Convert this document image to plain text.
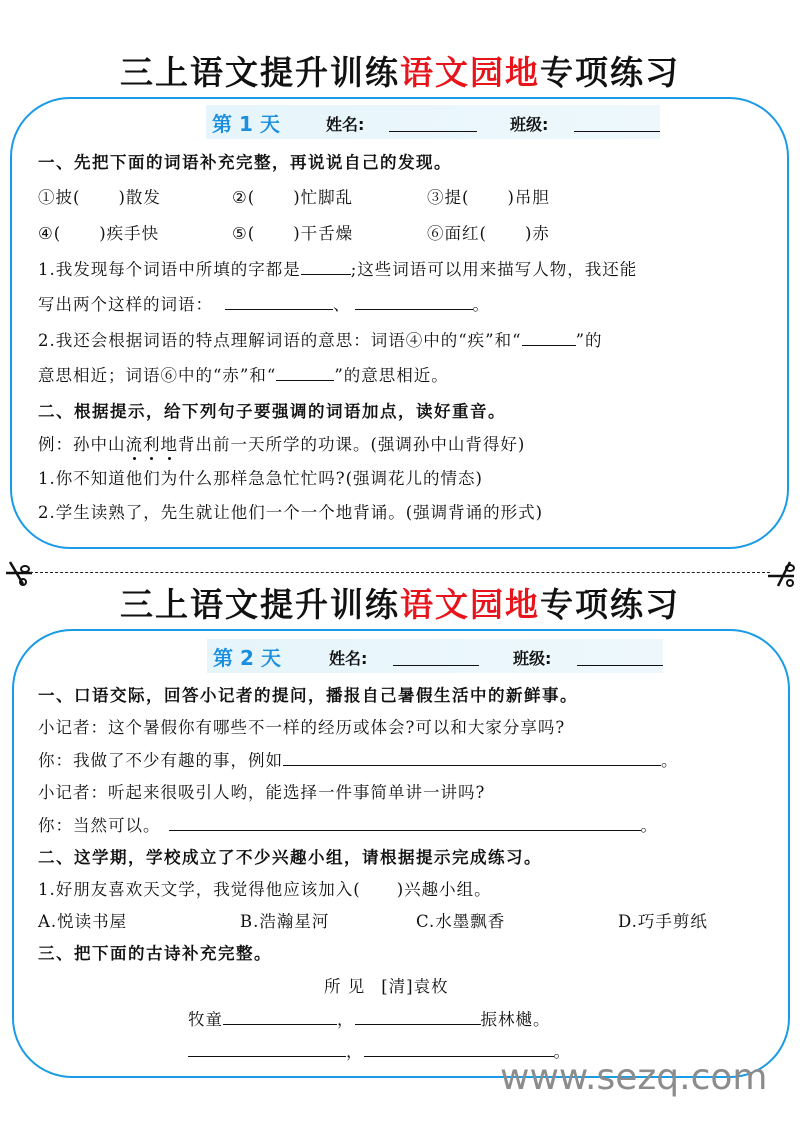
三上语文提升训练语文园地专项练习
第 1 天	姓名:	班级:
一、先把下面的词语补充完整，再说说自己的发现。
①披( )散发	②( )忙脚乱	③提( )吊胆
④( )疾手快	⑤( )干舌燥	⑥面红( )赤
1.我发现每个词语中所填的字都是	;这些词语可以用来描写人物，我还能
写出两个这样的词语：	、	。
2.我还会根据词语的特点理解词语的意思：词语④中的“疾”和“	”的
意思相近；词语⑥中的“赤”和“	”的意思相近。
二、根据提示，给下列句子要强调的词语加点，读好重音。
例：孙中山流利地背出前一天所学的功课。(强调孙中山背得好)
1.你不知道他们为什么那样急急忙忙吗?(强调花儿的情态)
2.学生读熟了，先生就让他们一个一个地背诵。(强调背诵的形式)
三上语文提升训练语文园地专项练习
第 2 天	姓名:	班级:
一、口语交际，回答小记者的提问，播报自己暑假生活中的新鲜事。
小记者：这个暑假你有哪些不一样的经历或体会?可以和大家分享吗?
你：我做了不少有趣的事，例如	。
小记者：听起来很吸引人哟，能选择一件事简单讲一讲吗?
你：当然可以。	。
二、这学期，学校成立了不少兴趣小组，请根据提示完成练习。
1.好朋友喜欢天文学，我觉得他应该加入( )兴趣小组。
A.悦读书屋	B.浩瀚星河	C.水墨飘香	D.巧手剪纸
三、把下面的古诗补充完整。
所 见 [清]袁枚
牧童	，	振林樾。
，	。
www.sezq.com
